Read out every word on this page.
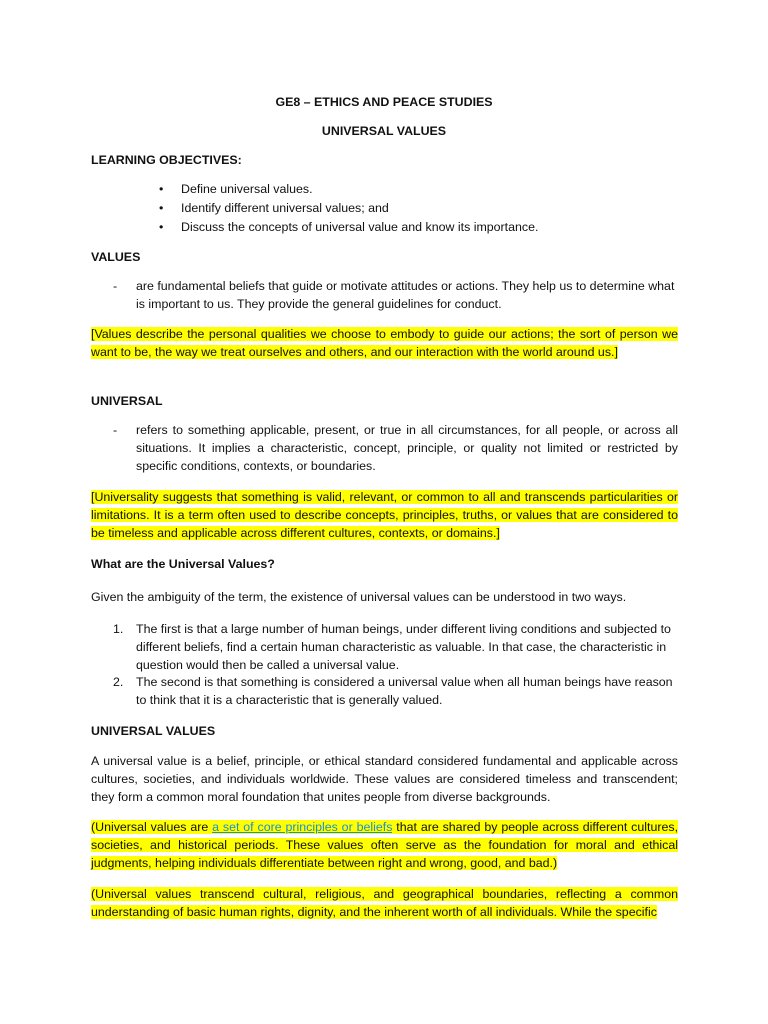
GE8 – ETHICS AND PEACE STUDIES

UNIVERSAL VALUES

LEARNING OBJECTIVES:

• Define universal values.
• Identify different universal values; and
• Discuss the concepts of universal value and know its importance.

VALUES

- are fundamental beliefs that guide or motivate attitudes or actions. They help us to determine what is important to us. They provide the general guidelines for conduct.

[Values describe the personal qualities we choose to embody to guide our actions; the sort of person we want to be, the way we treat ourselves and others, and our interaction with the world around us.]

UNIVERSAL

- refers to something applicable, present, or true in all circumstances, for all people, or across all situations. It implies a characteristic, concept, principle, or quality not limited or restricted by specific conditions, contexts, or boundaries.

[Universality suggests that something is valid, relevant, or common to all and transcends particularities or limitations. It is a term often used to describe concepts, principles, truths, or values that are considered to be timeless and applicable across different cultures, contexts, or domains.]

What are the Universal Values?

Given the ambiguity of the term, the existence of universal values can be understood in two ways.

1. The first is that a large number of human beings, under different living conditions and subjected to different beliefs, find a certain human characteristic as valuable. In that case, the characteristic in question would then be called a universal value.

2. The second is that something is considered a universal value when all human beings have reason to think that it is a characteristic that is generally valued.

UNIVERSAL VALUES

A universal value is a belief, principle, or ethical standard considered fundamental and applicable across cultures, societies, and individuals worldwide. These values are considered timeless and transcendent; they form a common moral foundation that unites people from diverse backgrounds.

(Universal values are a set of core principles or beliefs that are shared by people across different cultures, societies, and historical periods. These values often serve as the foundation for moral and ethical judgments, helping individuals differentiate between right and wrong, good, and bad.)

(Universal values transcend cultural, religious, and geographical boundaries, reflecting a common understanding of basic human rights, dignity, and the inherent worth of all individuals. While the specific
